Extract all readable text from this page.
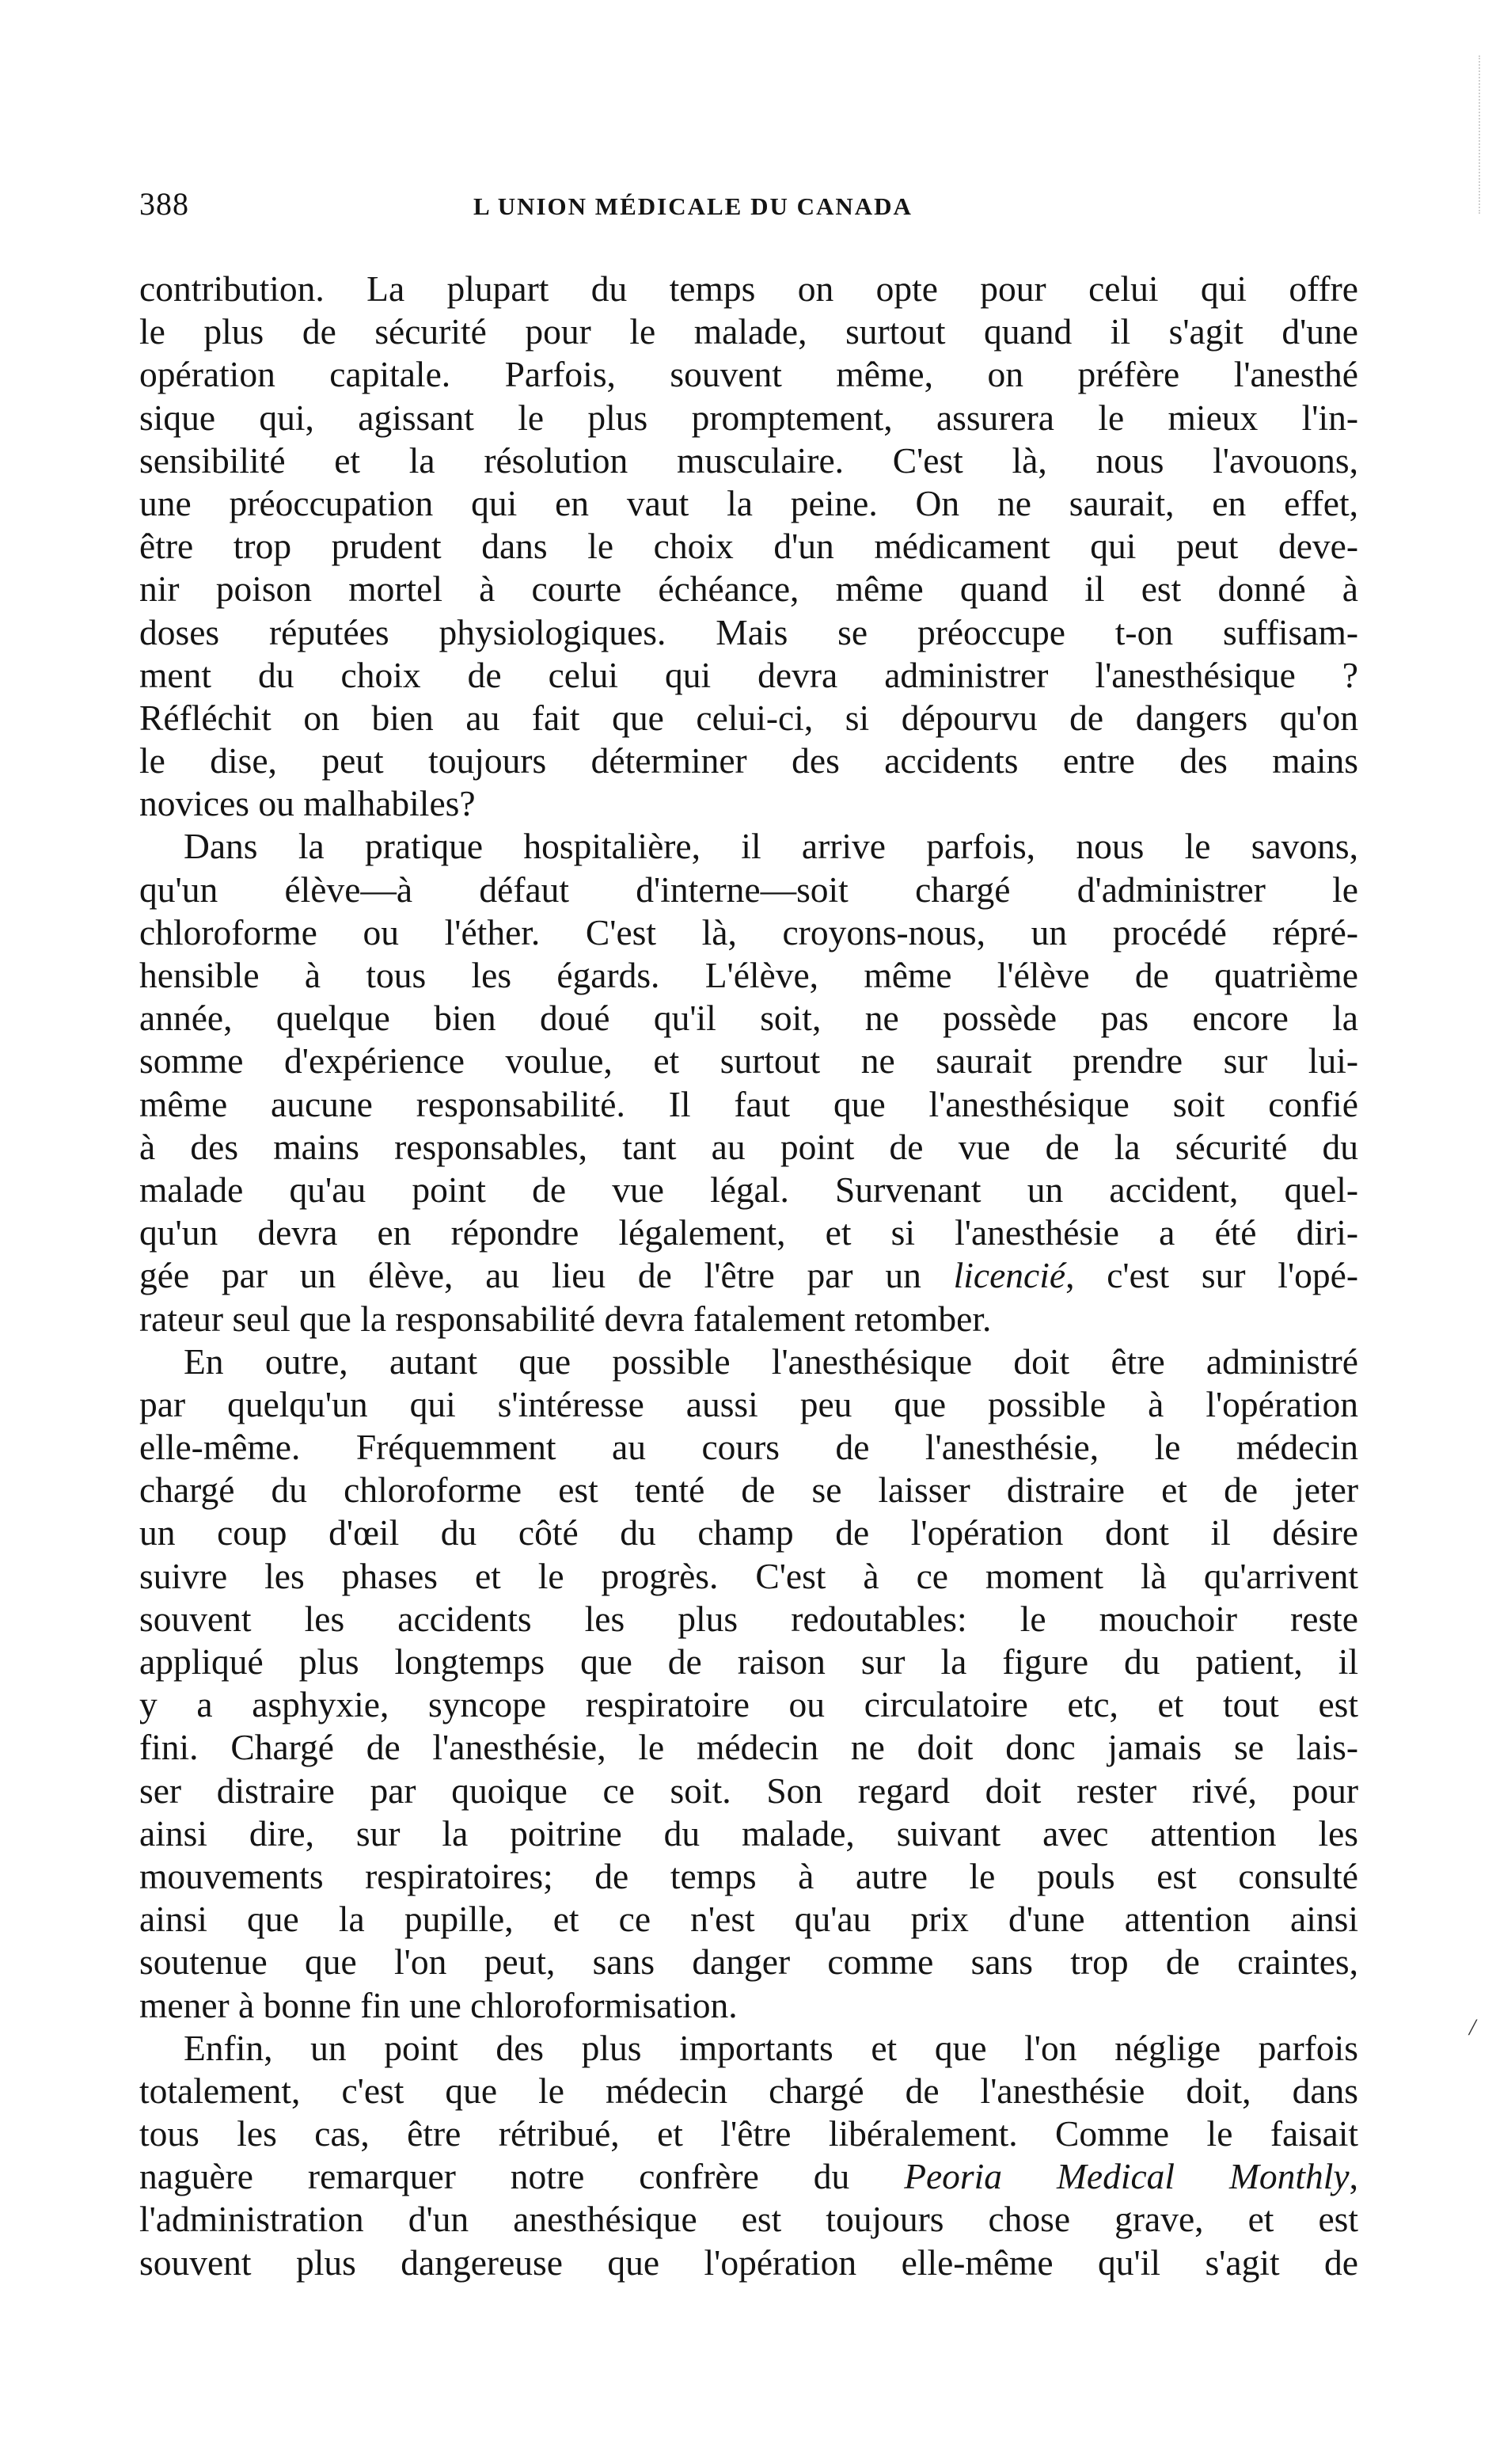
388	L UNION MÉDICALE DU CANADA
contribution. La plupart du temps on opte pour celui qui offre
le plus de sécurité pour le malade, surtout quand il s'agit d'une
opération capitale. Parfois, souvent même, on préfère l'anesthé
sique qui, agissant le plus promptement, assurera le mieux l'in-
sensibilité et la résolution musculaire. C'est là, nous l'avouons,
une préoccupation qui en vaut la peine. On ne saurait, en effet,
être trop prudent dans le choix d'un médicament qui peut deve-
nir poison mortel à courte échéance, même quand il est donné à
doses réputées physiologiques. Mais se préoccupe t-on suffisam-
ment du choix de celui qui devra administrer l'anesthésique ?
Réfléchit on bien au fait que celui-ci, si dépourvu de dangers qu'on
le dise, peut toujours déterminer des accidents entre des mains
novices ou malhabiles?
Dans la pratique hospitalière, il arrive parfois, nous le savons,
qu'un élève—à défaut d'interne—soit chargé d'administrer le
chloroforme ou l'éther. C'est là, croyons-nous, un procédé répré-
hensible à tous les égards. L'élève, même l'élève de quatrième
année, quelque bien doué qu'il soit, ne possède pas encore la
somme d'expérience voulue, et surtout ne saurait prendre sur lui-
même aucune responsabilité. Il faut que l'anesthésique soit confié
à des mains responsables, tant au point de vue de la sécurité du
malade qu'au point de vue légal. Survenant un accident, quel-
qu'un devra en répondre légalement, et si l'anesthésie a été diri-
gée par un élève, au lieu de l'être par un licencié, c'est sur l'opé-
rateur seul que la responsabilité devra fatalement retomber.
En outre, autant que possible l'anesthésique doit être administré
par quelqu'un qui s'intéresse aussi peu que possible à l'opération
elle-même. Fréquemment au cours de l'anesthésie, le médecin
chargé du chloroforme est tenté de se laisser distraire et de jeter
un coup d'œil du côté du champ de l'opération dont il désire
suivre les phases et le progrès. C'est à ce moment là qu'arrivent
souvent les accidents les plus redoutables: le mouchoir reste
appliqué plus longtemps que de raison sur la figure du patient, il
y a asphyxie, syncope respiratoire ou circulatoire etc, et tout est
fini. Chargé de l'anesthésie, le médecin ne doit donc jamais se lais-
ser distraire par quoique ce soit. Son regard doit rester rivé, pour
ainsi dire, sur la poitrine du malade, suivant avec attention les
mouvements respiratoires; de temps à autre le pouls est consulté
ainsi que la pupille, et ce n'est qu'au prix d'une attention ainsi
soutenue que l'on peut, sans danger comme sans trop de craintes,
mener à bonne fin une chloroformisation.
Enfin, un point des plus importants et que l'on néglige parfois
totalement, c'est que le médecin chargé de l'anesthésie doit, dans
tous les cas, être rétribué, et l'être libéralement. Comme le faisait
naguère remarquer notre confrère du Peoria Medical Monthly,
l'administration d'un anesthésique est toujours chose grave, et est
souvent plus dangereuse que l'opération elle-même qu'il s'agit de
/
